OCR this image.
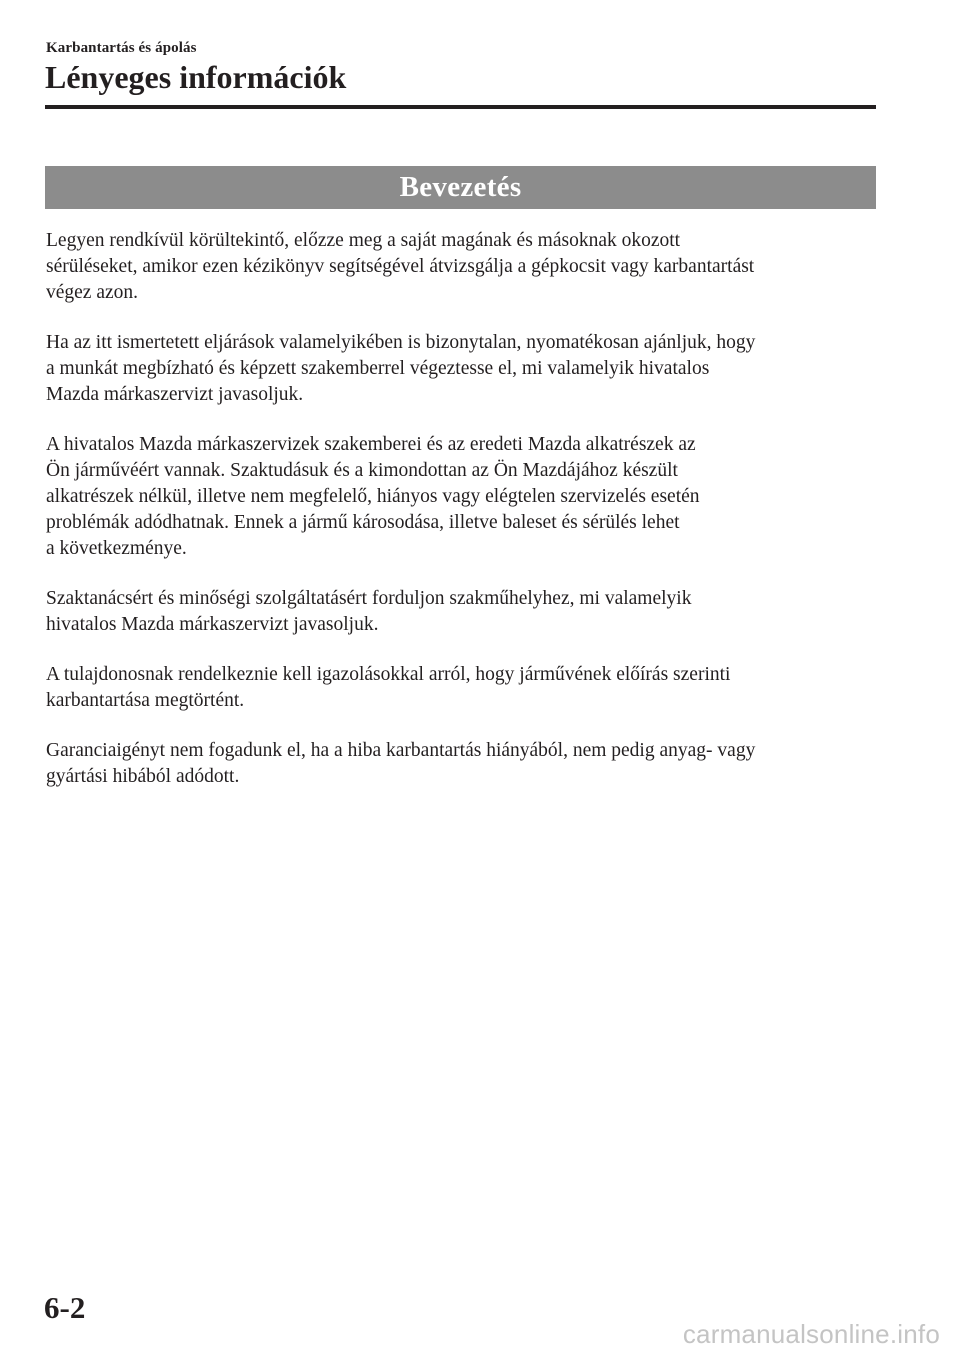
Karbantartás és ápolás
Lényeges információk
Bevezetés

Legyen rendkívül körültekintő, előzze meg a saját magának és másoknak okozott
sérüléseket, amikor ezen kézikönyv segítségével átvizsgálja a gépkocsit vagy karbantartást
végez azon.

Ha az itt ismertetett eljárások valamelyikében is bizonytalan, nyomatékosan ajánljuk, hogy
a munkát megbízható és képzett szakemberrel végeztesse el, mi valamelyik hivatalos
Mazda márkaszervizt javasoljuk.

A hivatalos Mazda márkaszervizek szakemberei és az eredeti Mazda alkatrészek az
Ön járművéért vannak. Szaktudásuk és a kimondottan az Ön Mazdájához készült
alkatrészek nélkül, illetve nem megfelelő, hiányos vagy elégtelen szervizelés esetén
problémák adódhatnak. Ennek a jármű károsodása, illetve baleset és sérülés lehet
a következménye.

Szaktanácsért és minőségi szolgáltatásért forduljon szakműhelyhez, mi valamelyik
hivatalos Mazda márkaszervizt javasoljuk.

A tulajdonosnak rendelkeznie kell igazolásokkal arról, hogy járművének előírás szerinti
karbantartása megtörtént.

Garanciaigényt nem fogadunk el, ha a hiba karbantartás hiányából, nem pedig anyag- vagy
gyártási hibából adódott.

6-2
carmanualsonline.info
